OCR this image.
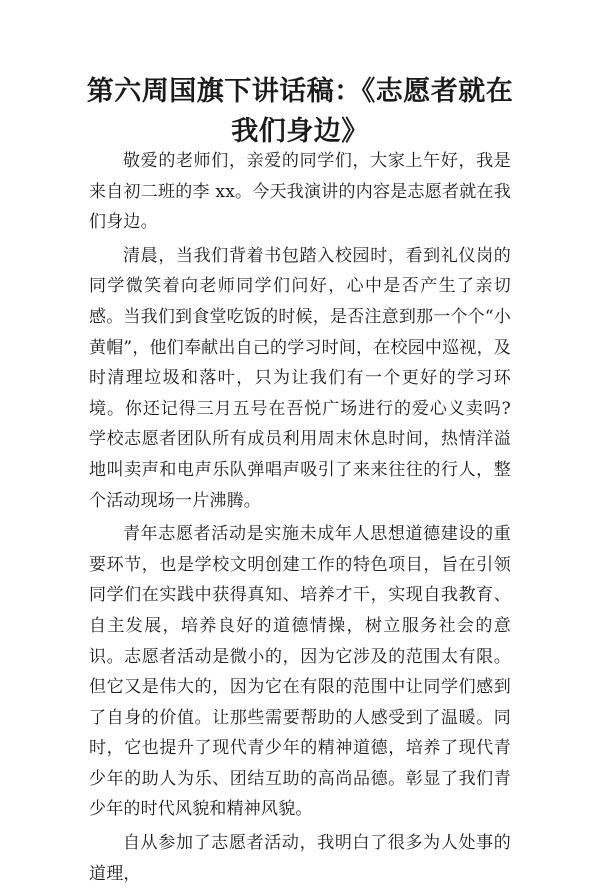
第六周国旗下讲话稿：《志愿者就在我们身边》

敬爱的老师们，亲爱的同学们，大家上午好，我是来自初二班的李 xx。今天我演讲的内容是志愿者就在我们身边。

清晨，当我们背着书包踏入校园时，看到礼仪岗的同学微笑着向老师同学们问好，心中是否产生了亲切感。当我们到食堂吃饭的时候，是否注意到那一个个“小黄帽”，他们奉献出自己的学习时间，在校园中巡视，及时清理垃圾和落叶，只为让我们有一个更好的学习环境。你还记得三月五号在吾悦广场进行的爱心义卖吗?学校志愿者团队所有成员利用周末休息时间，热情洋溢地叫卖声和电声乐队弹唱声吸引了来来往往的行人，整个活动现场一片沸腾。

青年志愿者活动是实施未成年人思想道德建设的重要环节，也是学校文明创建工作的特色项目，旨在引领同学们在实践中获得真知、培养才干，实现自我教育、自主发展，培养良好的道德情操，树立服务社会的意识。志愿者活动是微小的，因为它涉及的范围太有限。但它又是伟大的，因为它在有限的范围中让同学们感到了自身的价值。让那些需要帮助的人感受到了温暖。同时，它也提升了现代青少年的精神道德，培养了现代青少年的助人为乐、团结互助的高尚品德。彰显了我们青少年的时代风貌和精神风貌。

自从参加了志愿者活动，我明白了很多为人处事的道理，
